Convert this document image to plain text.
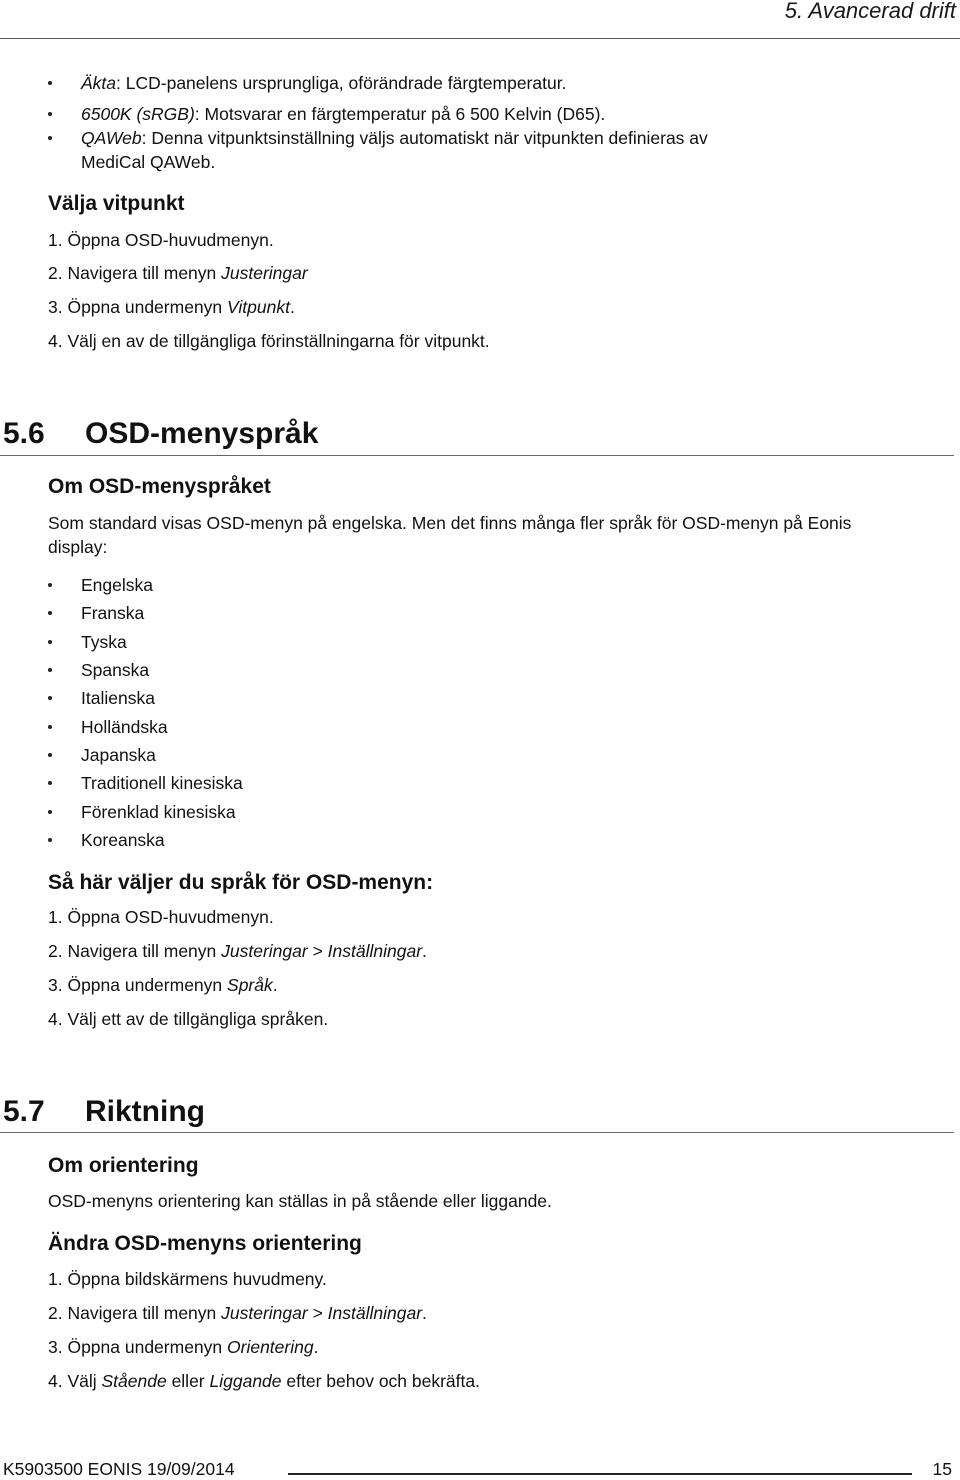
5. Avancerad drift
Äkta: LCD-panelens ursprungliga, oförändrade färgtemperatur.
6500K (sRGB): Motsvarar en färgtemperatur på 6 500 Kelvin (D65).
QAWeb: Denna vitpunktsinställning väljs automatiskt när vitpunkten definieras av
MediCal QAWeb.
Välja vitpunkt
1. Öppna OSD-huvudmenyn.
2. Navigera till menyn Justeringar
3. Öppna undermenyn Vitpunkt.
4. Välj en av de tillgängliga förinställningarna för vitpunkt.
5.6 OSD-menyspråk
Om OSD-menyspråket
Som standard visas OSD-menyn på engelska. Men det finns många fler språk för OSD-menyn på Eonis
display:
Engelska
Franska
Tyska
Spanska
Italienska
Holländska
Japanska
Traditionell kinesiska
Förenklad kinesiska
Koreanska
Så här väljer du språk för OSD-menyn:
1. Öppna OSD-huvudmenyn.
2. Navigera till menyn Justeringar > Inställningar.
3. Öppna undermenyn Språk.
4. Välj ett av de tillgängliga språken.
5.7 Riktning
Om orientering
OSD-menyns orientering kan ställas in på stående eller liggande.
Ändra OSD-menyns orientering
1. Öppna bildskärmens huvudmeny.
2. Navigera till menyn Justeringar > Inställningar.
3. Öppna undermenyn Orientering.
4. Välj Stående eller Liggande efter behov och bekräfta.
K5903500 EONIS 19/09/2014	15
